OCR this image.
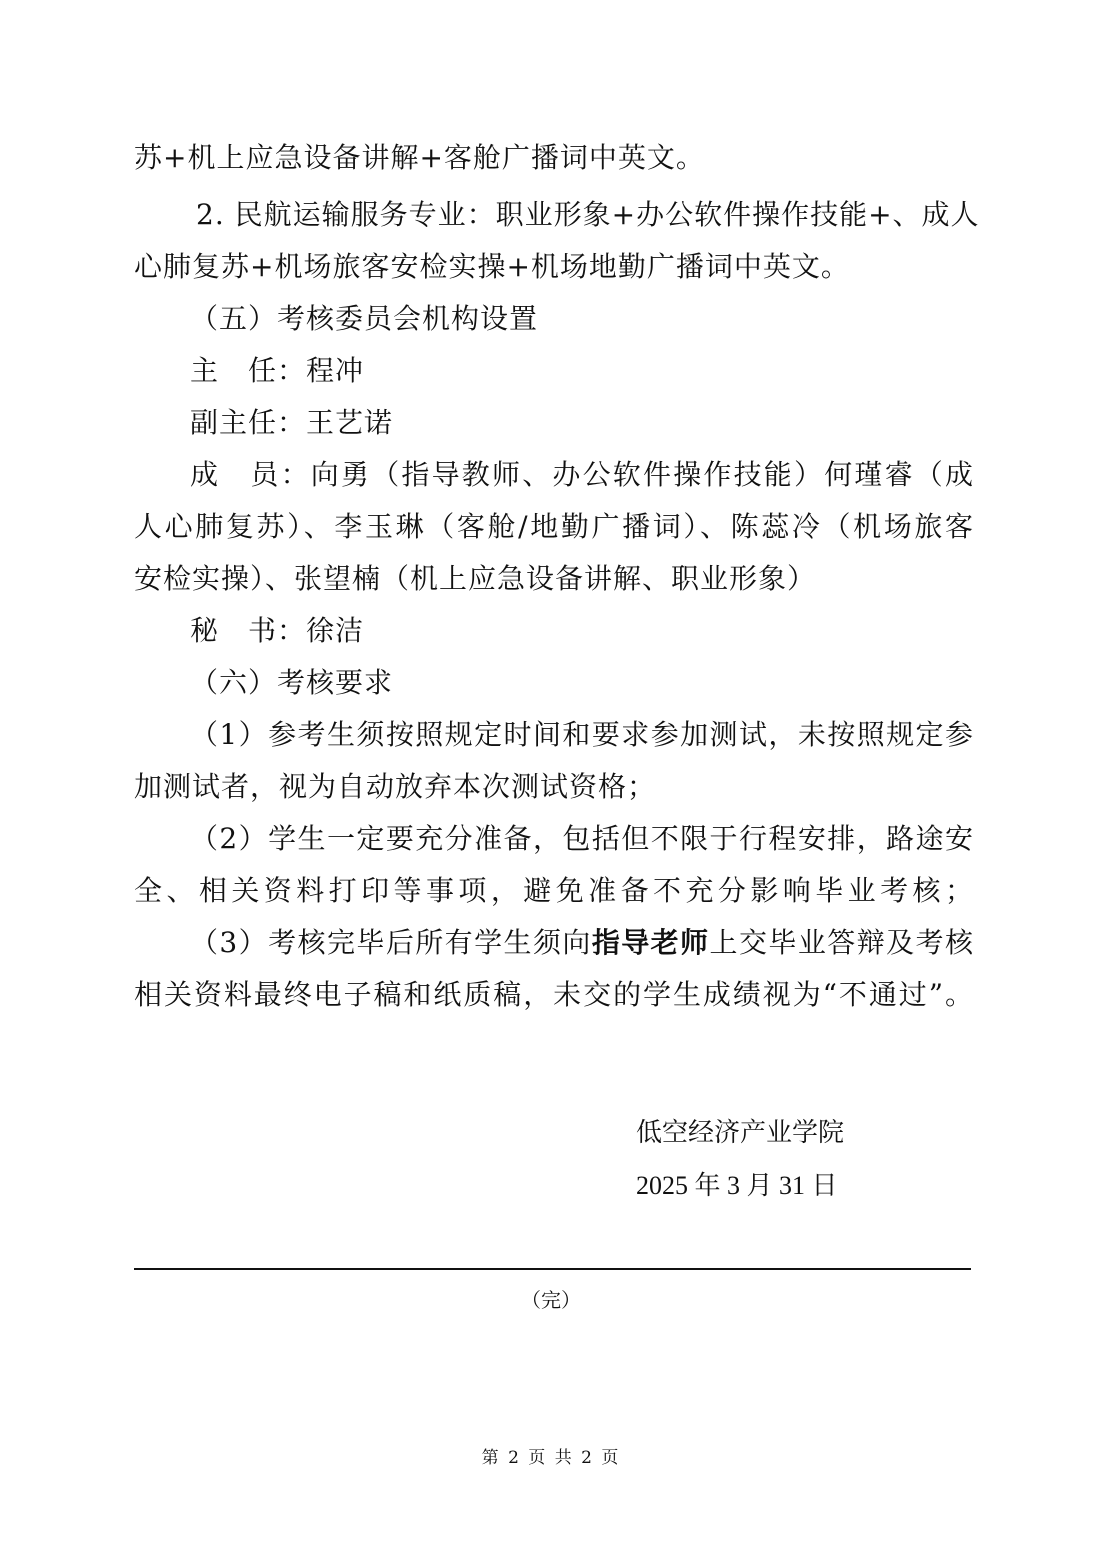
苏+机上应急设备讲解+客舱广播词中英文。
2. 民航运输服务专业：职业形象+办公软件操作技能+、成人
心肺复苏+机场旅客安检实操+机场地勤广播词中英文。
（五）考核委员会机构设置
主　任：程冲
副主任：王艺诺
成　员：向勇（指导教师、办公软件操作技能）何瑾睿（成
人心肺复苏）、李玉琳（客舱/地勤广播词）、陈蕊冷（机场旅客
安检实操）、张望楠（机上应急设备讲解、职业形象）
秘　书：徐洁
（六）考核要求
（1）参考生须按照规定时间和要求参加测试，未按照规定参
加测试者，视为自动放弃本次测试资格；
（2）学生一定要充分准备，包括但不限于行程安排，路途安
全、相关资料打印等事项，避免准备不充分影响毕业考核；
（3）考核完毕后所有学生须向指导老师上交毕业答辩及考核
相关资料最终电子稿和纸质稿，未交的学生成绩视为“不通过”。
低空经济产业学院
2025 年 3 月 31 日
（完）
第 2 页 共 2 页
